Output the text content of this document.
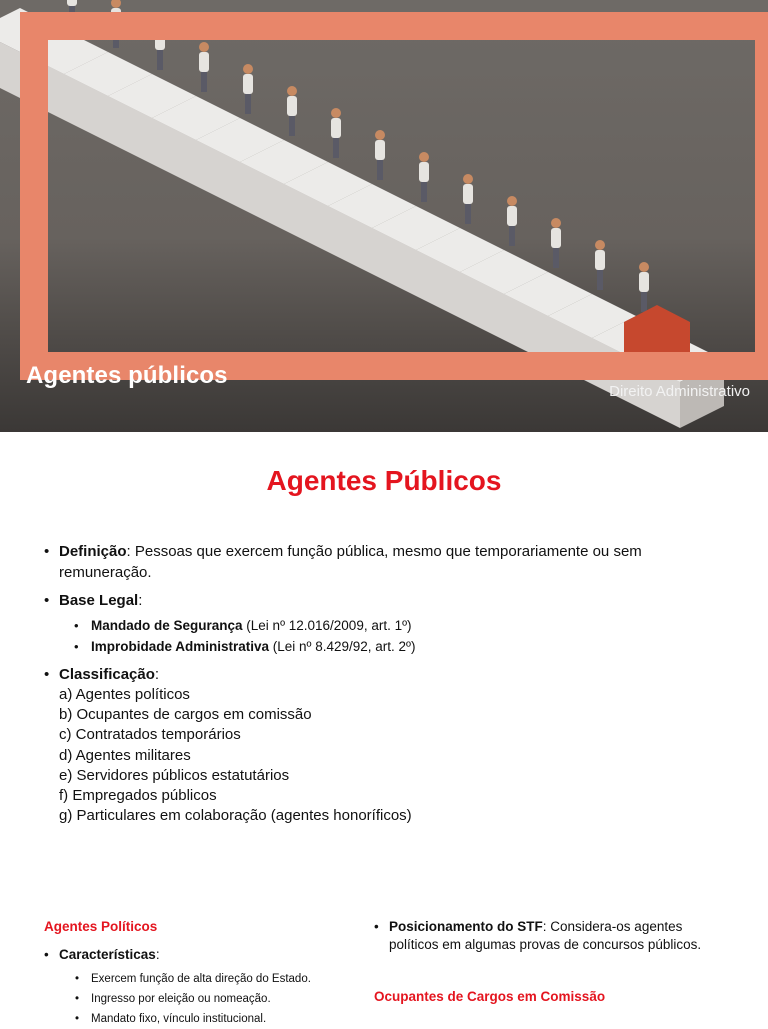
Agentes públicos
Direito Administrativo
Agentes Públicos
• Definição: Pessoas que exercem função pública, mesmo que temporariamente ou sem remuneração.
• Base Legal:
• Mandado de Segurança (Lei nº 12.016/2009, art. 1º)
• Improbidade Administrativa (Lei nº 8.429/92, art. 2º)
• Classificação:
a) Agentes políticos
b) Ocupantes de cargos em comissão
c) Contratados temporários
d) Agentes militares
e) Servidores públicos estatutários
f) Empregados públicos
g) Particulares em colaboração (agentes honoríficos)
Agentes Políticos
• Características:
• Exercem função de alta direção do Estado.
• Ingresso por eleição ou nomeação.
• Mandato fixo, vínculo institucional.
• Posicionamento do STF: Considera-os agentes políticos em algumas provas de concursos públicos.
Ocupantes de Cargos em Comissão
